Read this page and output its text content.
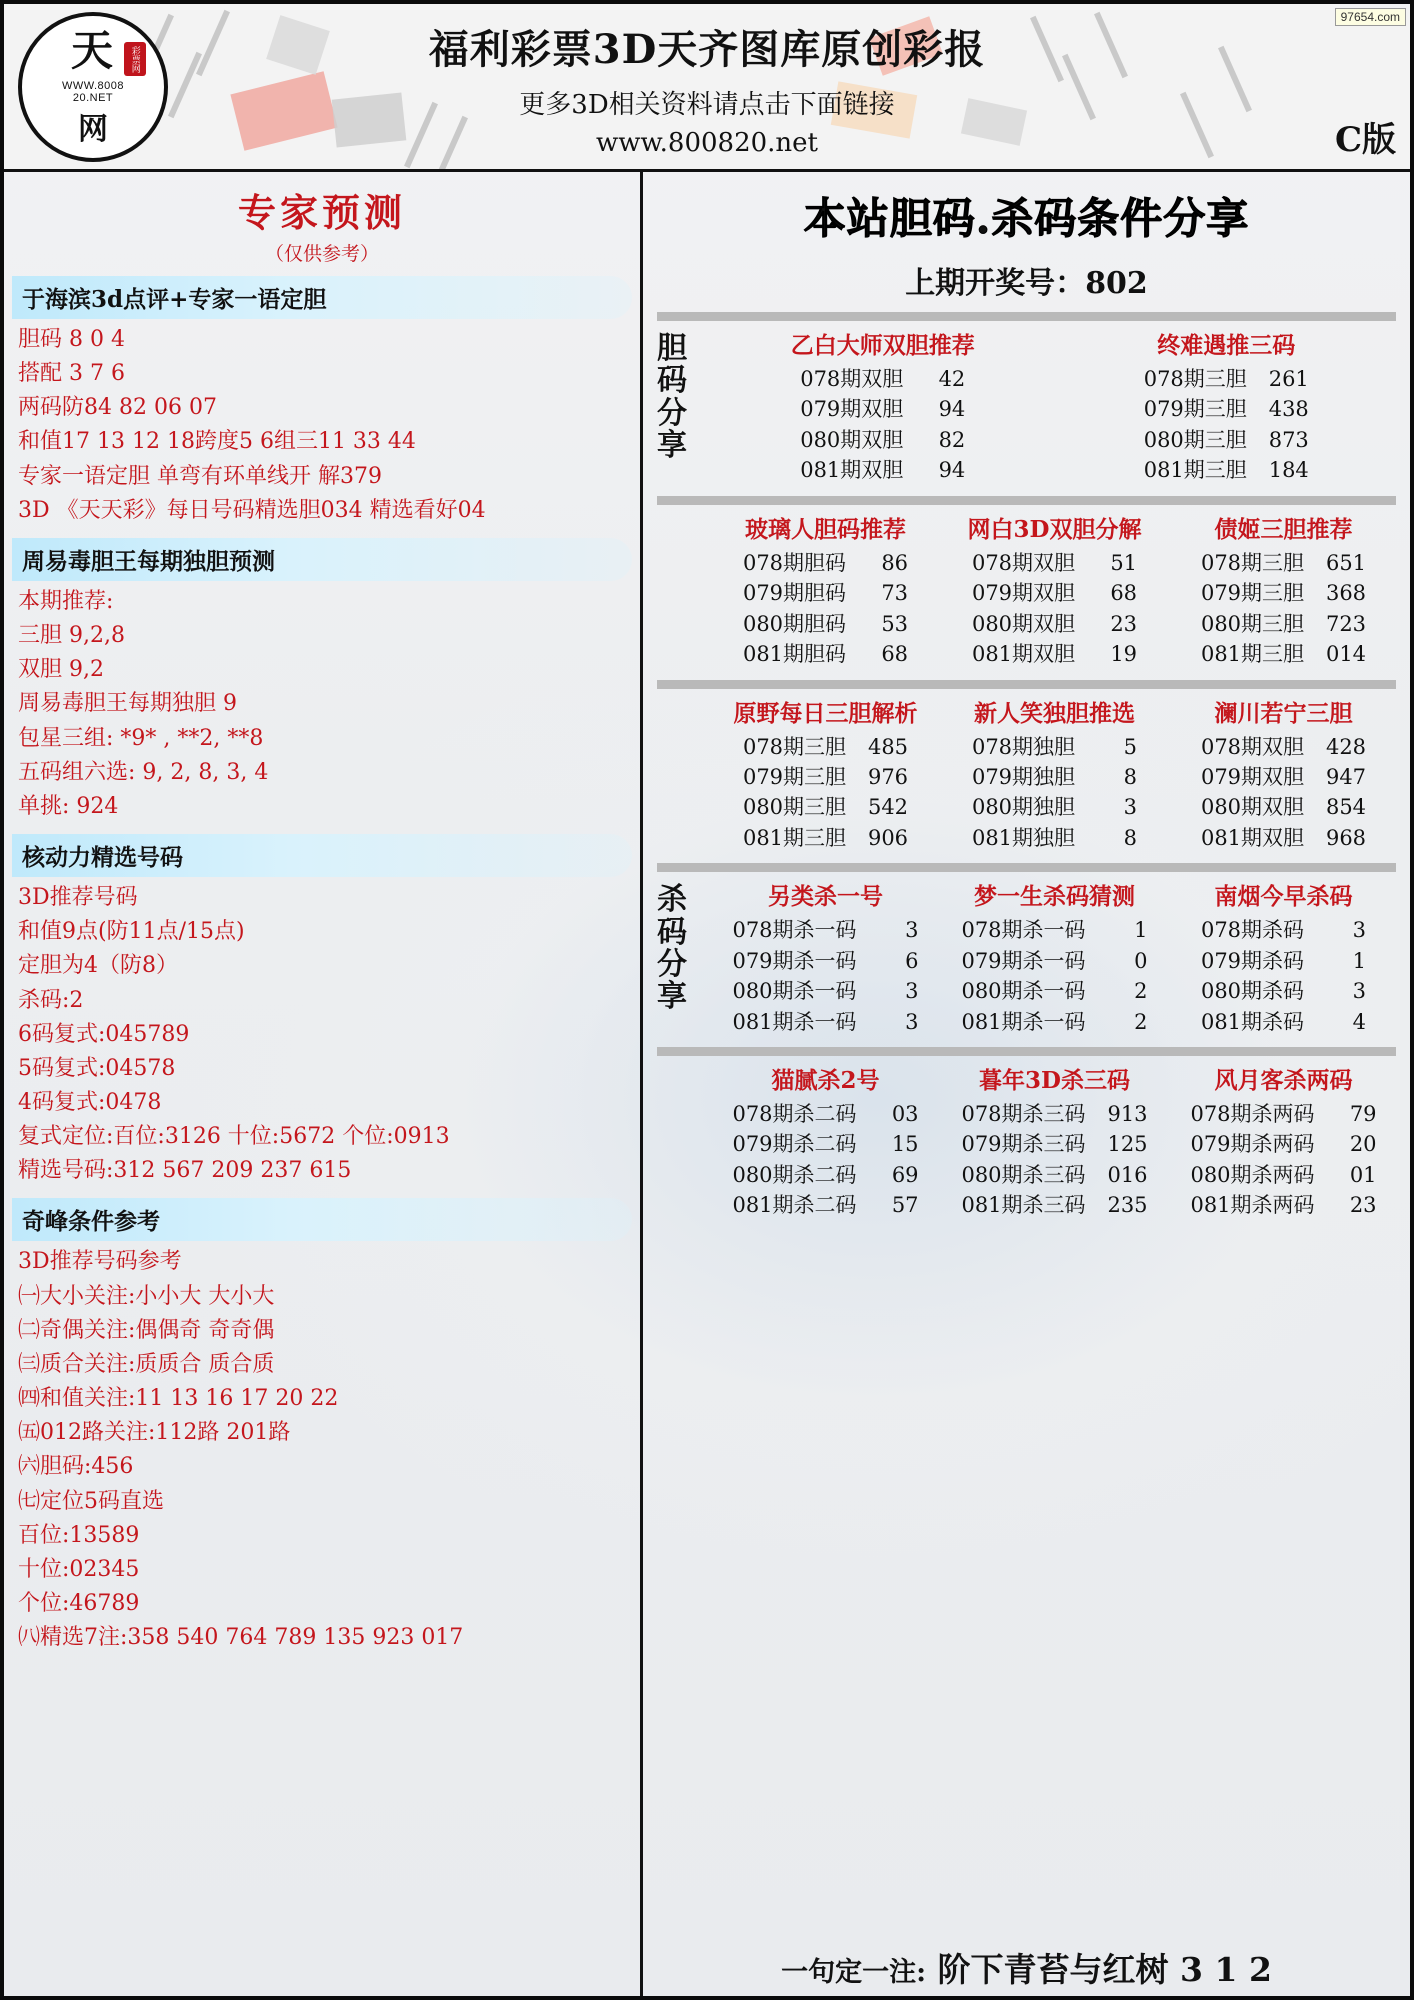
彩票网
天
WWW.8008
20.NET
网
福利彩票3D天齐图库原创彩报
更多3D相关资料请点击下面链接
www.800820.net	C版
97654.com
专家预测
（仅供参考）
于海滨3d点评+专家一语定胆
胆码 8 0 4
搭配 3 7 6
两码防84 82 06 07
和值17 13 12 18跨度5 6组三11 33 44
专家一语定胆 单弯有环单线开 解379
3D 《天天彩》每日号码精选胆034 精选看好04
周易毒胆王每期独胆预测
本期推荐:
三胆 9,2,8
双胆 9,2
周易毒胆王每期独胆 9
包星三组: *9* , **2, **8
五码组六选: 9, 2, 8, 3, 4
单挑: 924
核动力精选号码
3D推荐号码
和值9点(防11点/15点)
定胆为4（防8）
杀码:2
6码复式:045789
5码复式:04578
4码复式:0478
复式定位:百位:3126 十位:5672 个位:0913
精选号码:312 567 209 237 615
奇峰条件参考
3D推荐号码参考
㈠大小关注:小小大 大小大
㈡奇偶关注:偶偶奇 奇奇偶
㈢质合关注:质质合 质合质
㈣和值关注:11 13 16 17 20 22
㈤012路关注:112路 201路
㈥胆码:456
㈦定位5码直选
百位:13589
十位:02345
个位:46789
㈧精选7注:358 540 764 789 135 923 017
本站胆码.杀码条件分享
上期开奖号：802
胆码分享
乙白大师双胆推荐
078期双胆	42
079期双胆	94
080期双胆	82
081期双胆	94
终难遇推三码
078期三胆	261
079期三胆	438
080期三胆	873
081期三胆	184
玻璃人胆码推荐
078期胆码	86
079期胆码	73
080期胆码	53
081期胆码	68
网白3D双胆分解
078期双胆	51
079期双胆	68
080期双胆	23
081期双胆	19
债姬三胆推荐
078期三胆	651
079期三胆	368
080期三胆	723
081期三胆	014
原野每日三胆解析
078期三胆	485
079期三胆	976
080期三胆	542
081期三胆	906
新人笑独胆推选
078期独胆	5
079期独胆	8
080期独胆	3
081期独胆	8
澜川若宁三胆
078期双胆	428
079期双胆	947
080期双胆	854
081期双胆	968
杀码分享
另类杀一号
078期杀一码	3
079期杀一码	6
080期杀一码	3
081期杀一码	3
梦一生杀码猜测
078期杀一码	1
079期杀一码	0
080期杀一码	2
081期杀一码	2
南烟今早杀码
078期杀码	3
079期杀码	1
080期杀码	3
081期杀码	4
猫腻杀2号
078期杀二码	03
079期杀二码	15
080期杀二码	69
081期杀二码	57
暮年3D杀三码
078期杀三码	913
079期杀三码	125
080期杀三码	016
081期杀三码	235
风月客杀两码
078期杀两码	79
079期杀两码	20
080期杀两码	01
081期杀两码	23
一句定一注: 阶下青苔与红树 3 1 2
